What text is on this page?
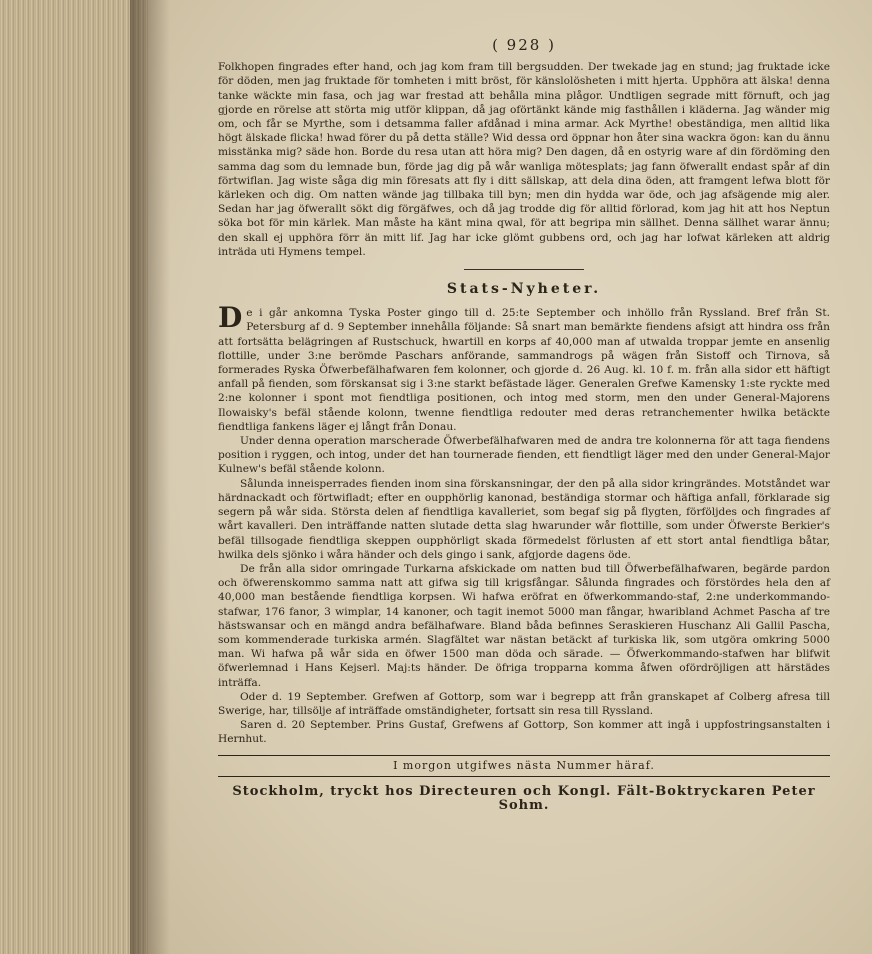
( 928 )

Folkhopen fingrades efter hand, och jag kom fram till bergsudden. Der twekade jag en stund; jag fruktade icke för döden, men jag fruktade för tomheten i mitt bröst, för känslolösheten i mitt hjerta. Upphöra att älska! denna tanke wäckte min fasa, och jag war frestad att behålla mina plågor. Undtligen segrade mitt förnuft, och jag gjorde en rörelse att störta mig utför klippan, då jag oförtänkt kände mig fasthållen i kläderna. Jag wänder mig om, och får se Myrthe, som i detsamma faller afdånad i mina armar. Ack Myrthe! obeständiga, men alltid lika högt älskade flicka! hwad förer du på detta ställe? Wid dessa ord öppnar hon åter sina wackra ögon: kan du ännu misstänka mig? säde hon. Borde du resa utan att höra mig? Den dagen, då en ostyrig ware af din fördöming den samma dag som du lemnade bun, förde jag dig på wår wanliga mötesplats; jag fann öfwerallt endast spår af din förtwiflan. Jag wiste såga dig min föresats att fly i ditt sällskap, att dela dina öden, att framgent lefwa blott för kärleken och dig. Om natten wände jag tillbaka till byn; men din hydda war öde, och jag afsägende mig aler. Sedan har jag öfwerallt sökt dig förgäfwes, och då jag trodde dig för alltid förlorad, kom jag hit att hos Neptun söka bot för min kärlek. Man måste ha känt mina qwal, för att begripa min sällhet. Denna sällhet warar ännu; den skall ej upphöra förr än mitt lif. Jag har icke glömt gubbens ord, och jag har lofwat kärleken att aldrig inträda uti Hymens tempel.

Stats-Nyheter.

De i går ankomna Tyska Poster gingo till d. 25:te September och inhöllo från Ryssland. Bref från St. Petersburg af d. 9 September innehålla följande: Så snart man bemärkte fiendens afsigt att hindra oss från att fortsätta belägringen af Rustschuck, hwartill en korps af 40,000 man af utwalda troppar jemte en ansenlig flottille, under 3:ne berömde Paschars anförande, sammandrogs på wägen från Sistoff och Tirnova, så formerades Ryska Öfwerbefälhafwaren fem kolonner, och gjorde d. 26 Aug. kl. 10 f. m. från alla sidor ett häftigt anfall på fienden, som förskansat sig i 3:ne starkt befästade läger. Generalen Grefwe Kamensky 1:ste ryckte med 2:ne kolonner i spont mot fiendtliga positionen, och intog med storm, men den under General-Majorens Ilowaisky's befäl stående kolonn, twenne fiendtliga redouter med deras retranchementer hwilka betäckte fiendtliga fankens läger ej långt från Donau.

Under denna operation marscherade Öfwerbefälhafwaren med de andra tre kolonnerna för att taga fiendens position i ryggen, och intog, under det han tournerade fienden, ett fiendtligt läger med den under General-Major Kulnew's befäl stående kolonn.

Sålunda inneisperrades fienden inom sina förskansningar, der den på alla sidor kringrändes. Motståndet war härdnackadt och förtwifladt; efter en oupphörlig kanonad, beständiga stormar och häftiga anfall, förklarade sig segern på wår sida. Största delen af fiendtliga kavalleriet, som begaf sig på flygten, förföljdes och fingrades af wårt kavalleri. Den inträffande natten slutade detta slag hwarunder wår flottille, som under Öfwerste Berkier's befäl tillsogade fiendtliga skeppen oupphörligt skada förmedelst förlusten af ett stort antal fiendtliga båtar, hwilka dels sjönko i wåra händer och dels gingo i sank, afgjorde dagens öde.

De från alla sidor omringade Turkarna afskickade om natten bud till Öfwerbefälhafwaren, begärde pardon och öfwerenskommo samma natt att gifwa sig till krigsfångar. Sålunda fingrades och förstördes hela den af 40,000 man bestående fiendtliga korpsen. Wi hafwa eröfrat en öfwerkommando-staf, 2:ne underkommando-stafwar, 176 fanor, 3 wimplar, 14 kanoner, och tagit inemot 5000 man fångar, hwaribland Achmet Pascha af tre hästswansar och en mängd andra befälhafware. Bland båda befinnes Seraskieren Huschanz Ali Gallil Pascha, som kommenderade turkiska armén. Slagfältet war nästan betäckt af turkiska lik, som utgöra omkring 5000 man. Wi hafwa på wår sida en öfwer 1500 man döda och särade. — Öfwerkommando-stafwen har blifwit öfwerlemnad i Hans Kejserl. Maj:ts händer. De öfriga tropparna komma åfwen ofördröjligen att härstädes inträffa.

Oder d. 19 September. Grefwen af Gottorp, som war i begrepp att från granskapet af Colberg afresa till Swerige, har, tillsölje af inträffade omständigheter, fortsatt sin resa till Ryssland.

Saren d. 20 September. Prins Gustaf, Grefwens af Gottorp, Son kommer att ingå i uppfostringsanstalten i Hernhut.

I morgon utgifwes nästa Nummer häraf.
Stockholm, tryckt hos Directeuren och Kongl. Fält-Boktryckaren Peter Sohm.
